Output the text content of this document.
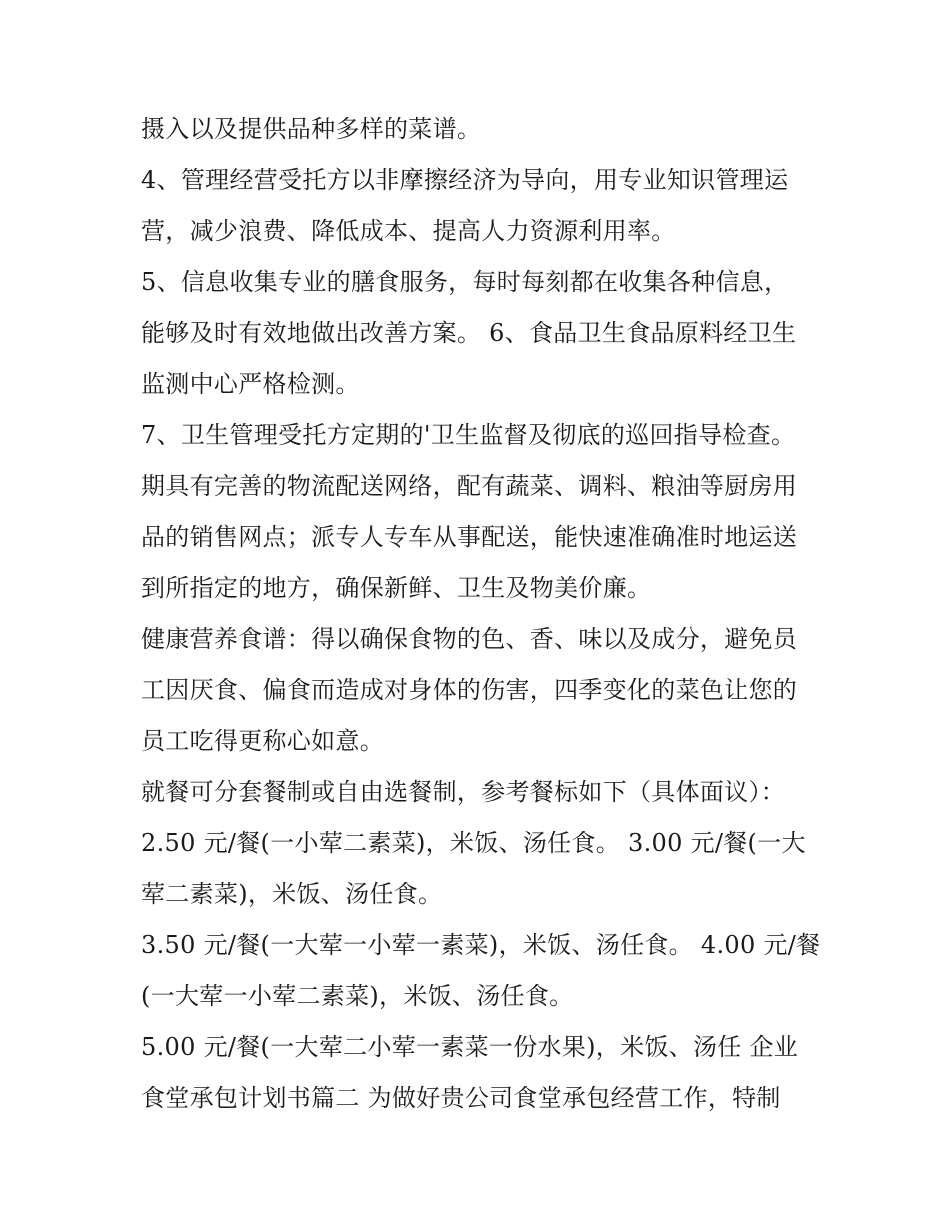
摄入以及提供品种多样的菜谱。
4、管理经营受托方以非摩擦经济为导向，用专业知识管理运
营，减少浪费、降低成本、提高人力资源利用率。
5、信息收集专业的膳食服务，每时每刻都在收集各种信息，
能够及时有效地做出改善方案。 6、食品卫生食品原料经卫生
监测中心严格检测。
7、卫生管理受托方定期的'卫生监督及彻底的巡回指导检查。
期具有完善的物流配送网络，配有蔬菜、调料、粮油等厨房用
品的销售网点；派专人专车从事配送，能快速准确准时地运送
到所指定的地方，确保新鲜、卫生及物美价廉。
健康营养食谱：得以确保食物的色、香、味以及成分，避免员
工因厌食、偏食而造成对身体的伤害，四季变化的菜色让您的
员工吃得更称心如意。
就餐可分套餐制或自由选餐制，参考餐标如下（具体面议）：
2.50 元/餐(一小荤二素菜)，米饭、汤任食。 3.00 元/餐(一大
荤二素菜)，米饭、汤任食。
3.50 元/餐(一大荤一小荤一素菜)，米饭、汤任食。 4.00 元/餐
(一大荤一小荤二素菜)，米饭、汤任食。
5.00 元/餐(一大荤二小荤一素菜一份水果)，米饭、汤任 企业
食堂承包计划书篇二 为做好贵公司食堂承包经营工作，特制
